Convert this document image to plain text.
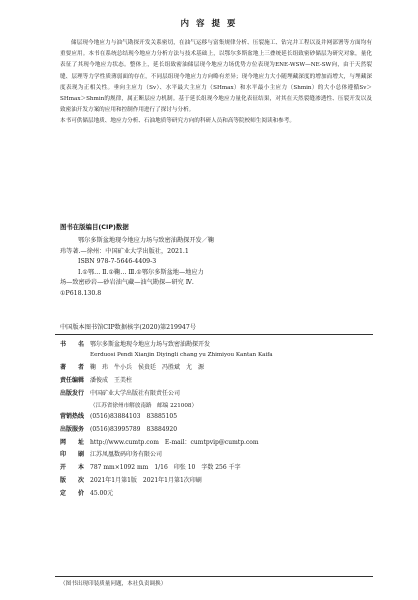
内 容 提 要

储层现今地应力与油气勘探开发关系密切，在油气运移与富集规律分析、压裂施工、钻完井工程以及井网部署等方面均有重要应用。本书在系统总结现今地应力分析方法与技术基础上，以鄂尔多斯盆地上三叠统延长组致密砂储层为研究对象，量化表征了其现今地应力状态。整体上，延长组致密油储层现今地应力场优势方位表现为ENE-WSW—NE-SW向，由于天然裂缝、层理等力学性质薄弱面的存在，不同层组现今地应力方向略有差异；现今地应力大小随埋藏深度的增加而增大，与埋藏深度表现为正相关性。垂向主应力（Sv）、水平最大主应力（SHmax）和水平最小主应力（Shmin）的大小总体遵循Sv＞SHmax＞Shmin的规律，属正断层应力机制。基于延长组现今地应力量化表征结果，对其在天然裂缝渗透性、压裂开发以及致密油开发方案的应用和控制作用进行了探讨与分析。
本书可供储层地质、地应力分析、石油地质等研究方向的科研人员和高等院校师生阅读和参考。

图书在版编目(CIP)数据
鄂尔多斯盆地现今地应力场与致密油勘探开发／鞠
玮等著.—徐州：中国矿业大学出版社，2021.1
ISBN 978-7-5646-4409-3
Ⅰ.①鄂… Ⅱ.①鞠… Ⅲ.①鄂尔多斯盆地—地应力
场—致密砂岩—砂岩油气藏—油气勘探—研究 Ⅳ.
①P618.130.8
中国版本图书馆CIP数据核字(2020)第219947号
书　　名 鄂尔多斯盆地现今地应力场与致密油勘探开发
Eerduosi Pendi Xianjin Diyingli chang yu Zhimiyou Kantan Kaifa
著　　者 鞠　玮　牛小兵　侯贵廷　冯胜斌　尤　源
责任编辑 潘俊成　王美柱
出版发行 中国矿业大学出版社有限责任公司
（江苏省徐州市解放南路　邮编 221008）
营销热线 (0516)83884103　83885105
出版服务 (0516)83995789　83884920
网　　址 http://www.cumtp.com　E-mail：cumtpvip@cumtp.com
印　　刷 江苏凤凰数码印务有限公司
开　　本 787 mm×1092 mm　1/16　印张 10　字数 256 千字
版　　次 2021年1月第1版　2021年1月第1次印刷
定　　价 45.00元
（图书出现印装质量问题，本社负责调换）
